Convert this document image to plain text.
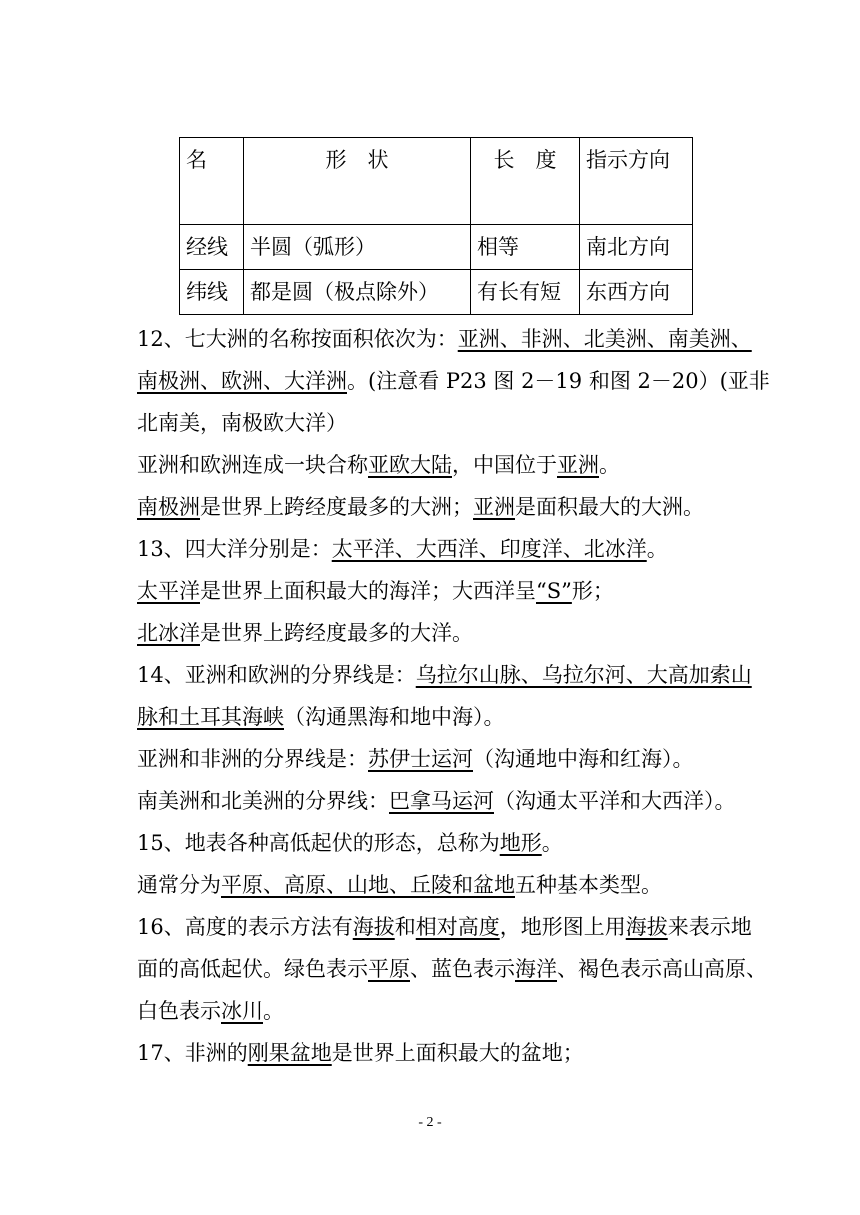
名	形　状	长　度	指示方向
经线	半圆（弧形）	相等	南北方向
纬线	都是圆（极点除外）	有长有短	东西方向
12、七大洲的名称按面积依次为：亚洲、非洲、北美洲、南美洲、
南极洲、欧洲、大洋洲。(注意看 P23 图 2－19 和图 2－20）(亚非
北南美，南极欧大洋）
亚洲和欧洲连成一块合称亚欧大陆，中国位于亚洲。
南极洲是世界上跨经度最多的大洲；亚洲是面积最大的大洲。
13、四大洋分别是：太平洋、大西洋、印度洋、北冰洋。
太平洋是世界上面积最大的海洋；大西洋呈“S”形；
北冰洋是世界上跨经度最多的大洋。
14、亚洲和欧洲的分界线是：乌拉尔山脉、乌拉尔河、大高加索山
脉和土耳其海峡（沟通黑海和地中海）。
亚洲和非洲的分界线是：苏伊士运河（沟通地中海和红海）。
南美洲和北美洲的分界线：巴拿马运河（沟通太平洋和大西洋）。
15、地表各种高低起伏的形态，总称为地形。
通常分为平原、高原、山地、丘陵和盆地五种基本类型。
16、高度的表示方法有海拔和相对高度，地形图上用海拔来表示地
面的高低起伏。绿色表示平原、蓝色表示海洋、褐色表示高山高原、
白色表示冰川。
17、非洲的刚果盆地是世界上面积最大的盆地；
- 2 -
